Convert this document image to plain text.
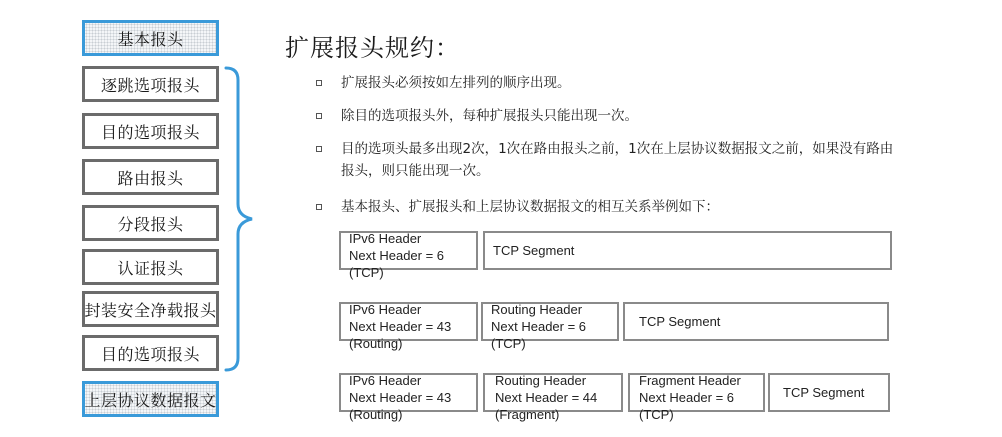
基本报头
逐跳选项报头
目的选项报头
路由报头
分段报头
认证报头
封装安全净载报头
目的选项报头
上层协议数据报文
扩展报头规约：
扩展报头必须按如左排列的顺序出现。
除目的选项报头外，每种扩展报头只能出现一次。
目的选项头最多出现2次，1次在路由报头之前，1次在上层协议数据报文之前，如果没有路由报头，则只能出现一次。
基本报头、扩展报头和上层协议数据报文的相互关系举例如下：
IPv6 Header
Next Header = 6
(TCP)
TCP Segment
IPv6 Header
Next Header = 43
(Routing)
Routing Header
Next Header = 6
(TCP)
TCP Segment
IPv6 Header
Next Header = 43
(Routing)
Routing Header
Next Header = 44
(Fragment)
Fragment Header
Next Header = 6
(TCP)
TCP Segment
